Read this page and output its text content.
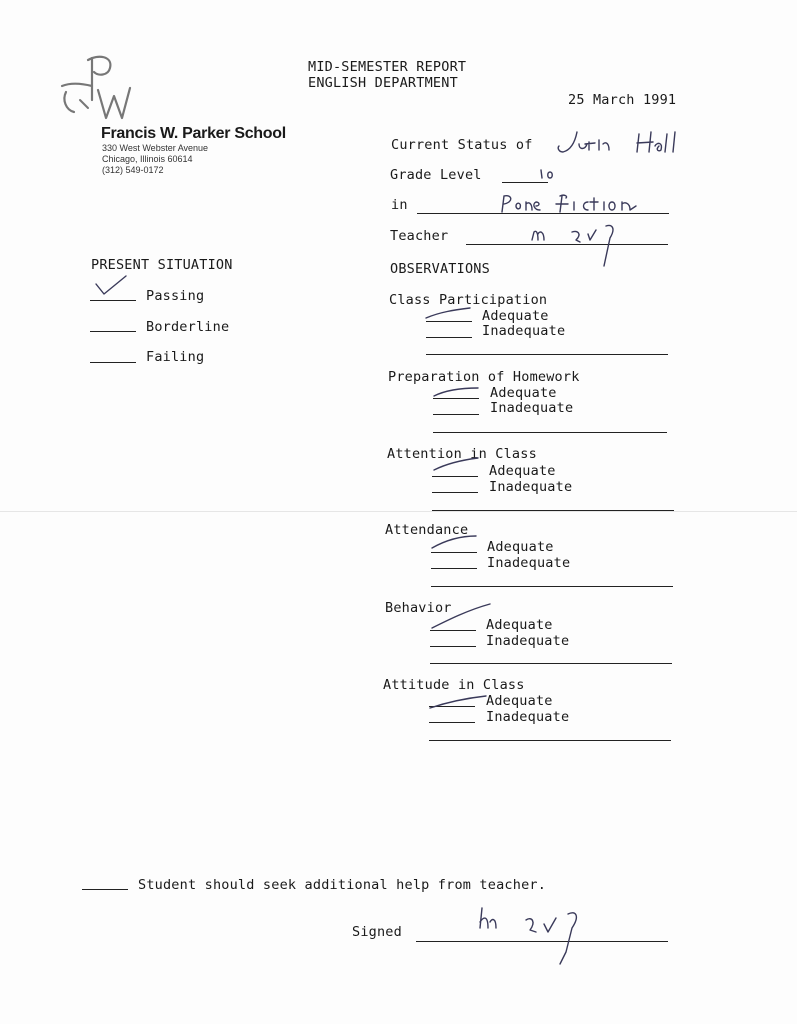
Francis W. Parker School
330 West Webster Avenue
Chicago, Illinois 60614
(312) 549-0172
MID-SEMESTER REPORT
ENGLISH DEPARTMENT
25 March 1991
Current Status of
Grade Level
in
Teacher
PRESENT SITUATION
Passing
Borderline
Failing
OBSERVATIONS
Class Participation
Adequate
Inadequate
Preparation of Homework
Adequate
Inadequate
Attention in Class
Adequate
Inadequate
Attendance
Adequate
Inadequate
Behavior
Adequate
Inadequate
Attitude in Class
Adequate
Inadequate
Student should seek additional help from teacher.
Signed
